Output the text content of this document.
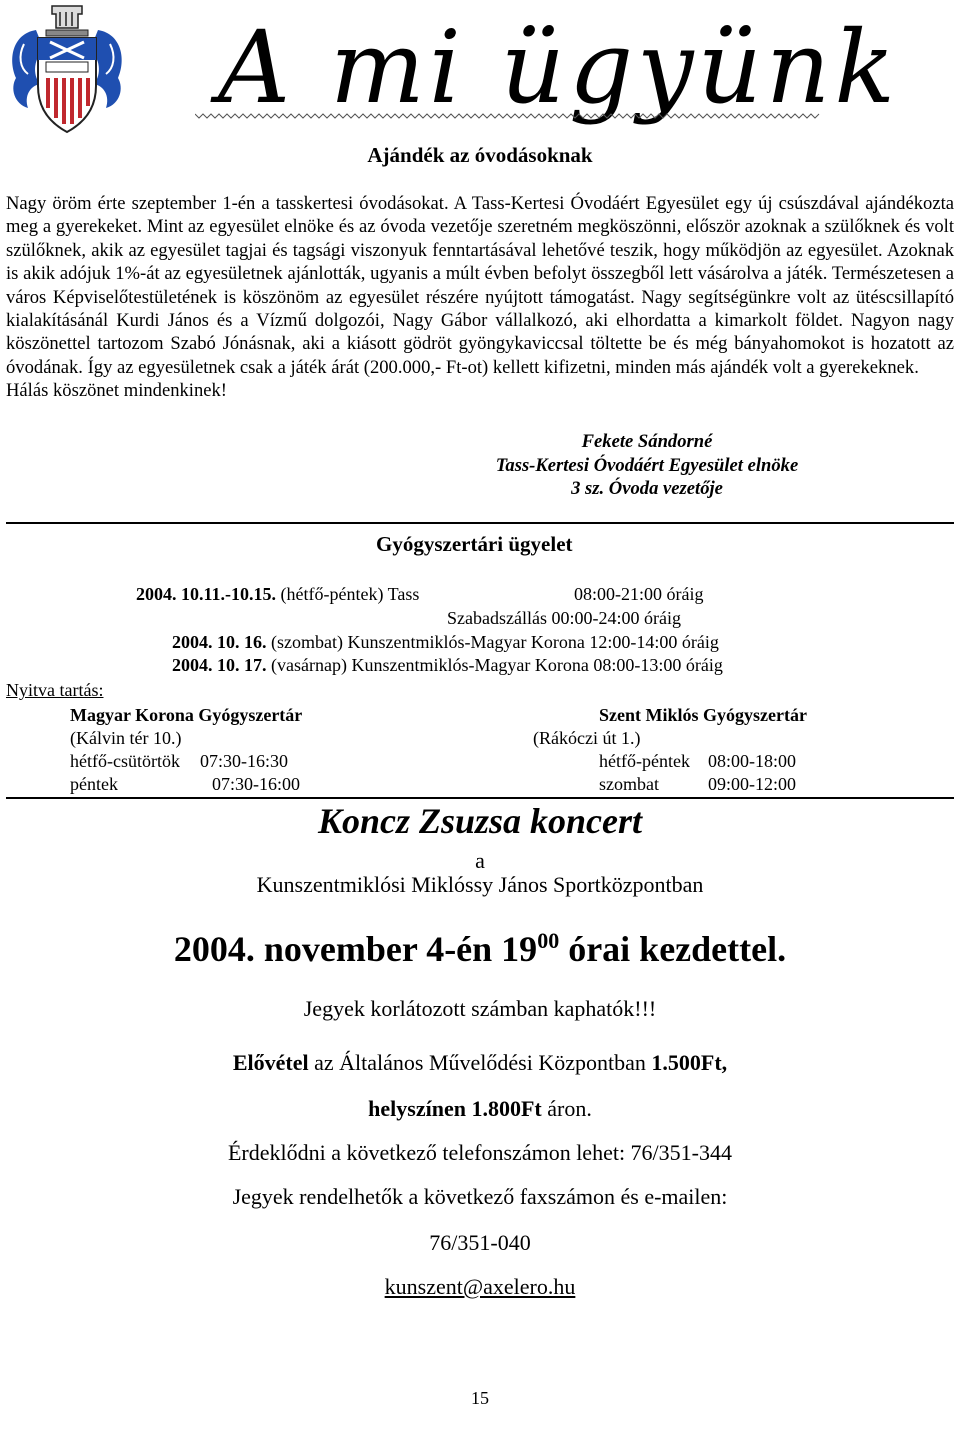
A mi ügyünk
Ajándék az óvodásoknak

Nagy öröm érte szeptember 1-én a tasskertesi óvodásokat. A Tass-Kertesi Óvodáért Egyesület egy új csúszdával ajándékozta meg a gyerekeket. Mint az egyesület elnöke és az óvoda vezetője szeretném megköszönni, először azoknak a szülőknek és volt szülőknek, akik az egyesület tagjai és tagsági viszonyuk fenntartásával lehetővé teszik, hogy működjön az egyesület. Azoknak is akik adójuk 1%-át az egyesületnek ajánlották, ugyanis a múlt évben befolyt összegből lett vásárolva a játék. Természetesen a város Képviselőtestületének is köszönöm az egyesület részére nyújtott támogatást. Nagy segítségünkre volt az ütéscsillapító kialakításánál Kurdi János és a Vízmű dolgozói, Nagy Gábor vállalkozó, aki elhordatta a kimarkolt földet. Nagyon nagy köszönettel tartozom Szabó Jónásnak, aki a kiásott gödröt gyöngykaviccsal töltette be és még bányahomokot is hozatott az óvodának. Így az egyesületnek csak a játék árát (200.000,- Ft-ot) kellett kifizetni, minden más ajándék volt a gyerekeknek.

Hálás köszönet mindenkinek!

Fekete Sándorné
Tass-Kertesi Óvodáért Egyesület elnöke
3 sz. Óvoda vezetője
Gyógyszertári ügyelet
2004. 10.11.-10.15. (hétfő-péntek) Tass	08:00-21:00 óráig
Szabadszállás 00:00-24:00 óráig
2004. 10. 16. (szombat) Kunszentmiklós-Magyar Korona 12:00-14:00 óráig
2004. 10. 17. (vasárnap) Kunszentmiklós-Magyar Korona 08:00-13:00 óráig
Nyitva tartás:
Magyar Korona Gyógyszertár
(Kálvin tér 10.)
hétfő-csütörtök 07:30-16:30
péntek	07:30-16:00
Szent Miklós Gyógyszertár
(Rákóczi út 1.)
hétfő-péntek 08:00-18:00
szombat	09:00-12:00
Koncz Zsuzsa koncert
a
Kunszentmiklósi Miklóssy János Sportközpontban
2004. november 4-én $19^{00}$ órai kezdettel.
Jegyek korlátozott számban kaphatók!!!
Elővétel az Általános Művelődési Központban 1.500Ft,
helyszínen 1.800Ft áron.
Érdeklődni a következő telefonszámon lehet: 76/351-344
Jegyek rendelhetők a következő faxszámon és e-mailen:
76/351-040
kunszent@axelero.hu
15
